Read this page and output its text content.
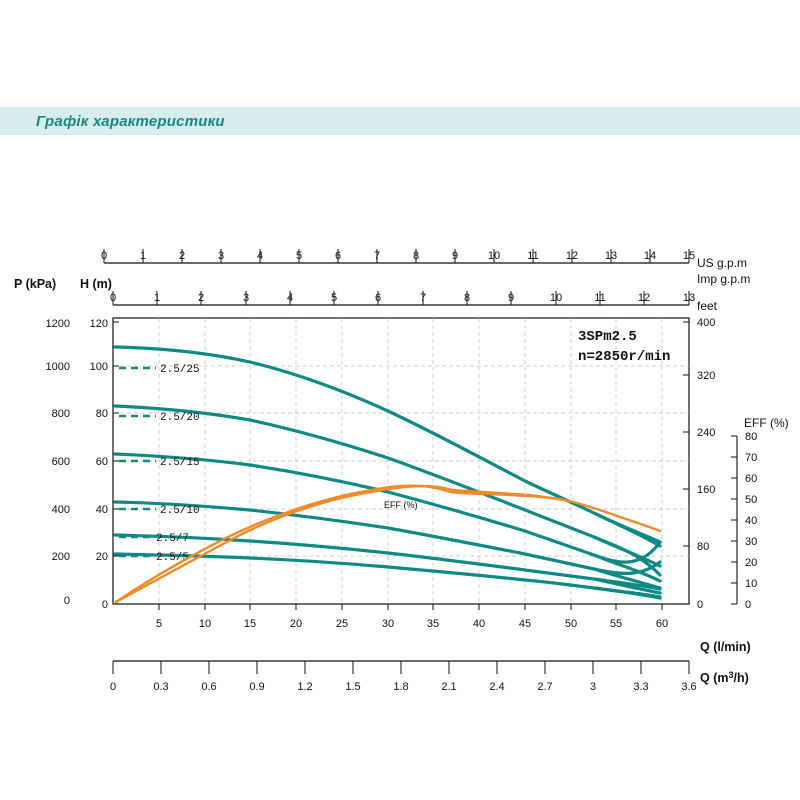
Графік характеристики
0	1	2	3	4	5	6	7	8	9	10 11 12 13 14 15 US g.p.m
0	1	2	3	4	5	6	7	8	9	10	11	12	13
Imp g.p.m
feet
P (kPa) H (m)
0
200
400
600
800
1000
1200
0
20
40
60
80
100
120
0
80
160
240
320
400
EFF (%)
0
10
20
30
40
50
60
70
80
3SPm2.5
n=2850r/min
2.5/25
2.5/20
2.5/15
2.5/10
2.5/7
2.5/5
EFF (%)
5	10	15	20	25	30	35	40	45	50	55	60
Q (l/min)
0	0.3	0.6	0.9	1.2	1.5	1.8	2.1	2.4	2.7	3	3.3	3.6
Q $(m^3/h)$
